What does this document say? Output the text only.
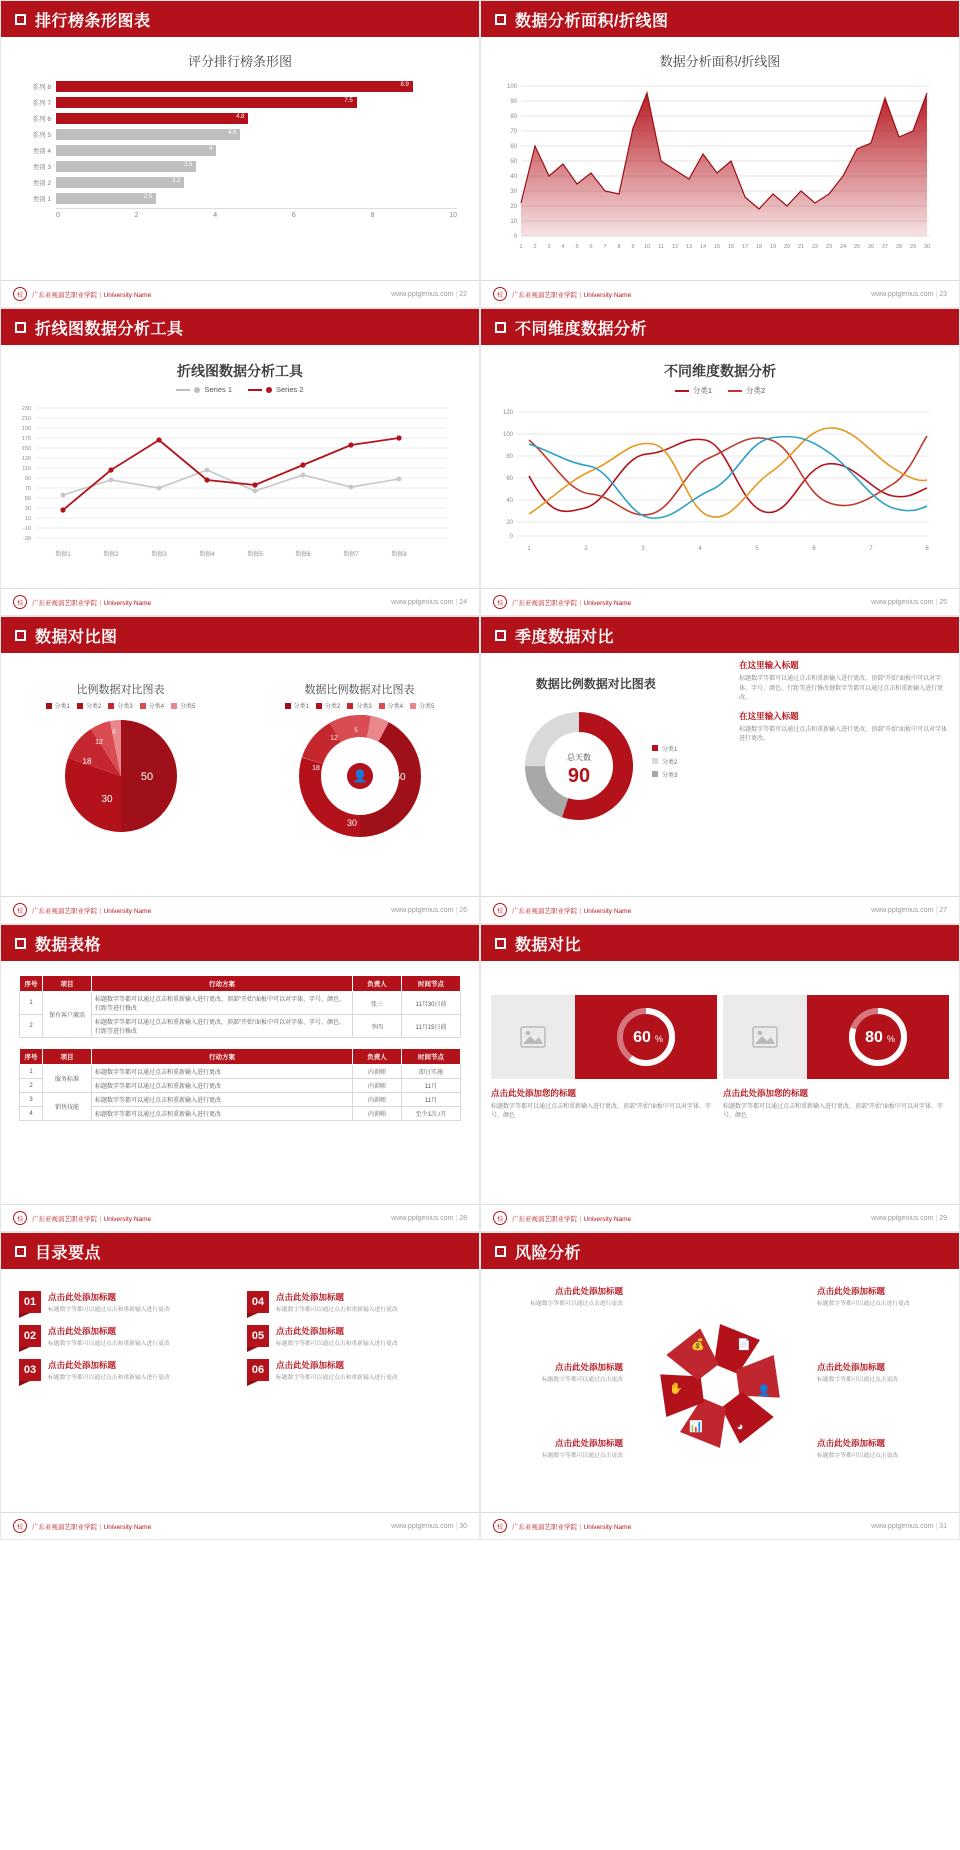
排行榜条形图表
评分排行榜条形图
系列 8	8.9
系列 7	7.5
系列 6	4.8
系列 5	4.6
类别 4	4
类别 3	3.5
类别 2	3.2
类别 1	2.5
0	2	4	6	8	10
校	广东亚视演艺职业学院｜University Name	www.pptgenius.com | 22
数据分析面积/折线图
数据分析面积/折线图
100
90
80
70
60
50
40
30
20
10
0
1 2 3 4 5 6 7 8 9 10 11 12 13 14 15 16 17 18 19 20 21 22 23 24 25 26 27 28 29 30
校	广东亚视演艺职业学院｜University Name	www.pptgenius.com | 23
折线图数据分析工具
折线图数据分析工具
Series 1	Series 2
230
210
190
170
150
130
110
90
70
50
30
10
-10
-30
数据1	数据2	数据3	数据4	数据5	数据6	数据7	数据8
校	广东亚视演艺职业学院｜University Name	www.pptgenius.com | 24
不同维度数据分析
不同维度数据分析
分类1	分类2
120
100
80
60
40
20
0
1	2	3	4	5	6	7	8
校	广东亚视演艺职业学院｜University Name	www.pptgenius.com | 25
数据对比图
比例数据对比图表
分类1	分类2	分类3	分类4	分类5
50
30
18
12
5
数据比例数据对比图表
分类1	分类2	分类3	分类4	分类5
👤	50
30
18
12
5
校	广东亚视演艺职业学院｜University Name	www.pptgenius.com | 26
季度数据对比
数据比例数据对比图表
总天数
90
分类1
分类2
分类3
在这里输入标题
标题数字等都可以通过点击和重新输入进行更改，顶部“开始”面板中可以对字体、字号、颜色、行距等进行修改键数字等都可以通过点击和重新输入进行更改。
在这里输入标题
标题数字等都可以通过点击和重新输入进行更改，顶部“开始”面板中可以对字体进行更改。
校	广东亚视演艺职业学院｜University Name	www.pptgenius.com | 27
数据表格
序号	项目	行动方案	负责人	时间节点
1	保有客户激活	标题数字等都可以通过点击和重新输入进行更改，顶部“开始”面板中可以对字体、字号、颜色、行距等进行修改	张三	11月30日前
2		标题数字等都可以通过点击和重新输入进行更改，顶部“开始”面板中可以对字体、字号、颜色、行距等进行修改	李四	11月15日前
序号	项目	行动方案	负责人	时间节点
1	服务标准	标题数字等都可以通过点击和重新输入进行更改	内训师	即日实施
2		标题数字等都可以通过点击和重新输入进行更改	内训师	11月
3	销售技能	标题数字等都可以通过点击和重新输入进行更改	内训师	11月
4		标题数字等都可以通过点击和重新输入进行更改	内训师	至少1次 /月
校	广东亚视演艺职业学院｜University Name	www.pptgenius.com | 28
数据对比
60 %	80 %
点击此处添加您的标题
标题数字等都可以通过点击和重新输入进行更改，顶部“开始”面板中可以对字体、字号、颜色
点击此处添加您的标题
标题数字等都可以通过点击和重新输入进行更改，顶部“开始”面板中可以对字体、字号、颜色
校	广东亚视演艺职业学院｜University Name	www.pptgenius.com | 29
目录要点
01	点击此处添加标题
标题数字等都可以通过点击和重新输入进行更改
04	点击此处添加标题
标题数字等都可以通过点击和重新输入进行更改
02	点击此处添加标题
标题数字等都可以通过点击和重新输入进行更改
05	点击此处添加标题
标题数字等都可以通过点击和重新输入进行更改
03	点击此处添加标题
标题数字等都可以通过点击和重新输入进行更改
06	点击此处添加标题
标题数字等都可以通过点击和重新输入进行更改
校	广东亚视演艺职业学院｜University Name	www.pptgenius.com | 30
风险分析
💰	📄
👤
◕
📊
✋
点击此处添加标题
标题数字等都可以通过点击进行更改
点击此处添加标题
标题数字等都可以通过点击进行更改
点击此处添加标题
标题数字等都可以通过点击更改
点击此处添加标题
标题数字等都可以通过点击更改
点击此处添加标题
标题数字等都可以通过点击更改
点击此处添加标题
标题数字等都可以通过点击更改
校	广东亚视演艺职业学院｜University Name	www.pptgenius.com | 31
